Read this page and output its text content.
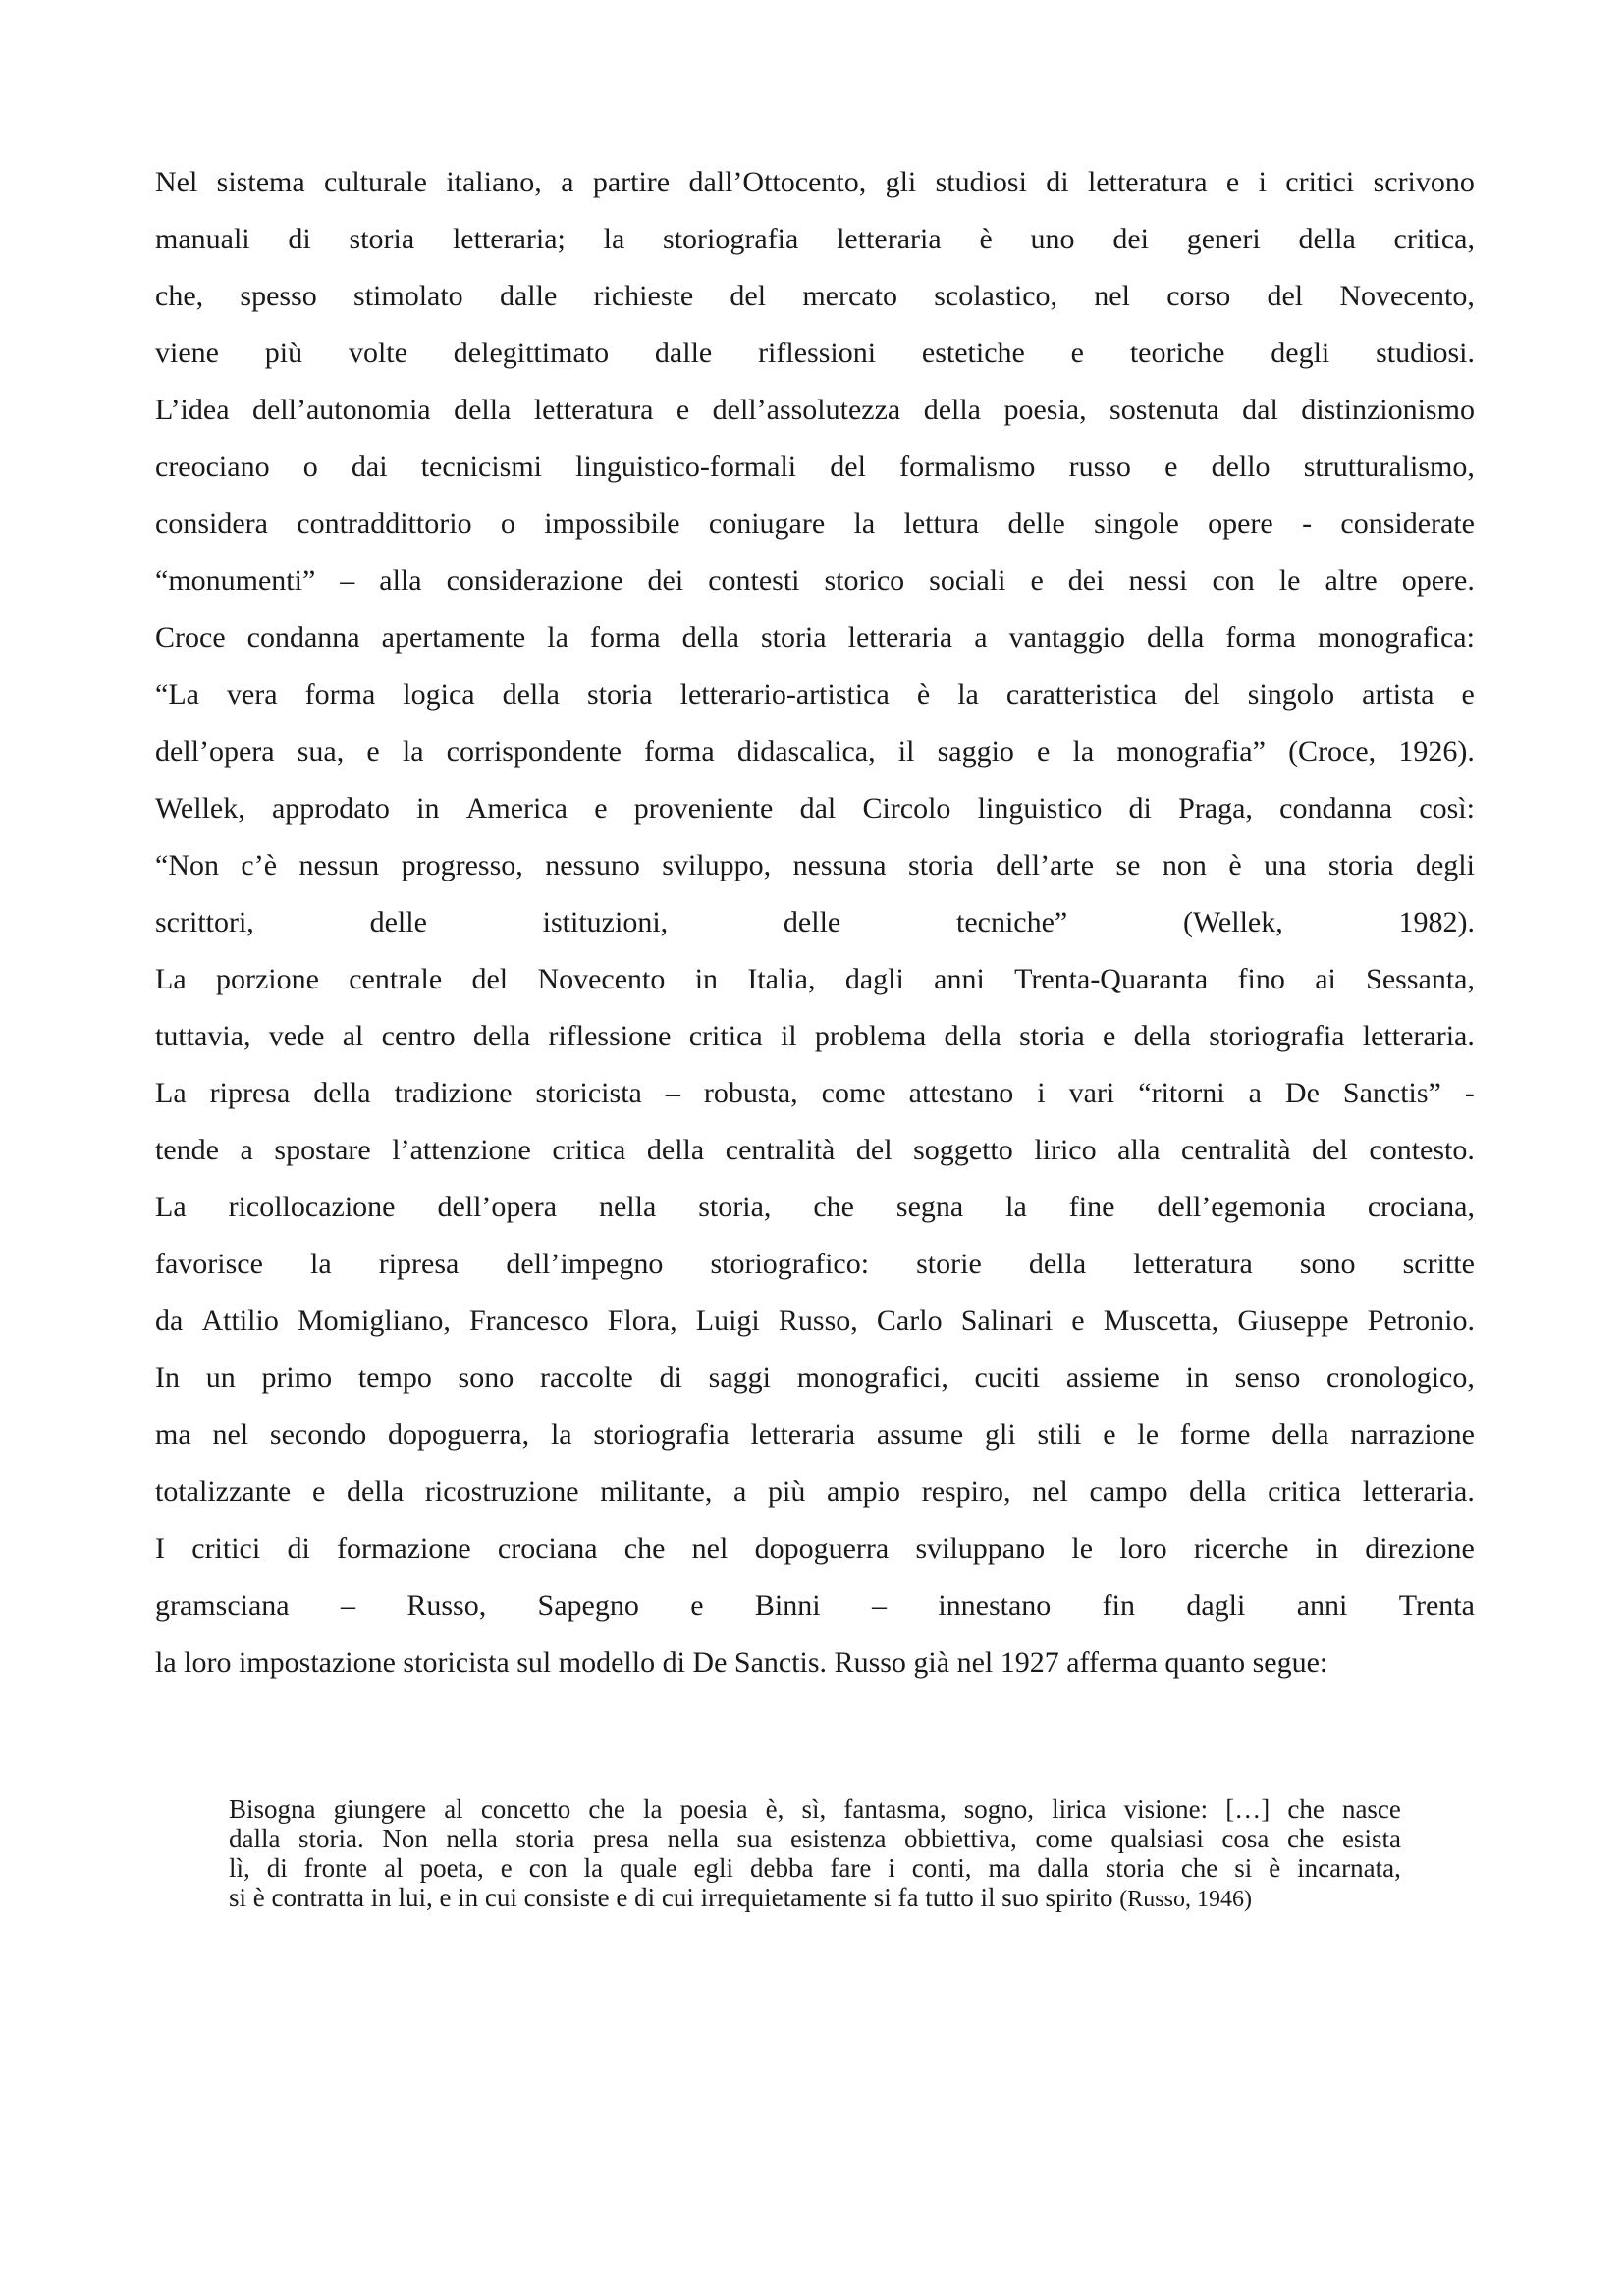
Nel sistema culturale italiano, a partire dall’Ottocento, gli studiosi di letteratura e i critici scrivono
manuali di storia letteraria; la storiografia letteraria è uno dei generi della critica,
che, spesso stimolato dalle richieste del mercato scolastico, nel corso del Novecento,
viene più volte delegittimato dalle riflessioni estetiche e teoriche degli studiosi.
L’idea dell’autonomia della letteratura e dell’assolutezza della poesia, sostenuta dal distinzionismo
creociano o dai tecnicismi linguistico-formali del formalismo russo e dello strutturalismo,
considera contraddittorio o impossibile coniugare la lettura delle singole opere - considerate
“monumenti” – alla considerazione dei contesti storico sociali e dei nessi con le altre opere.
Croce condanna apertamente la forma della storia letteraria a vantaggio della forma monografica:
“La vera forma logica della storia letterario-artistica è la caratteristica del singolo artista e
dell’opera sua, e la corrispondente forma didascalica, il saggio e la monografia” (Croce, 1926).
Wellek, approdato in America e proveniente dal Circolo linguistico di Praga, condanna così:
“Non c’è nessun progresso, nessuno sviluppo, nessuna storia dell’arte se non è una storia degli
scrittori,	delle	istituzioni,	delle	tecniche”	(Wellek,	1982).
La porzione centrale del Novecento in Italia, dagli anni Trenta-Quaranta fino ai Sessanta,
tuttavia, vede al centro della riflessione critica il problema della storia e della storiografia letteraria.
La ripresa della tradizione storicista – robusta, come attestano i vari “ritorni a De Sanctis” -
tende a spostare l’attenzione critica della centralità del soggetto lirico alla centralità del contesto.
La ricollocazione dell’opera nella storia, che segna la fine dell’egemonia crociana,
favorisce la ripresa dell’impegno storiografico: storie della letteratura sono scritte
da Attilio Momigliano, Francesco Flora, Luigi Russo, Carlo Salinari e Muscetta, Giuseppe Petronio.
In un primo tempo sono raccolte di saggi monografici, cuciti assieme in senso cronologico,
ma nel secondo dopoguerra, la storiografia letteraria assume gli stili e le forme della narrazione
totalizzante e della ricostruzione militante, a più ampio respiro, nel campo della critica letteraria.
I critici di formazione crociana che nel dopoguerra sviluppano le loro ricerche in direzione
gramsciana – Russo, Sapegno e Binni – innestano fin dagli anni Trenta
la loro impostazione storicista sul modello di De Sanctis. Russo già nel 1927 afferma quanto segue:
Bisogna giungere al concetto che la poesia è, sì, fantasma, sogno, lirica visione: […] che nasce
dalla storia. Non nella storia presa nella sua esistenza obbiettiva, come qualsiasi cosa che esista
lì, di fronte al poeta, e con la quale egli debba fare i conti, ma dalla storia che si è incarnata,
si è contratta in lui, e in cui consiste e di cui irrequietamente si fa tutto il suo spirito (Russo, 1946)
